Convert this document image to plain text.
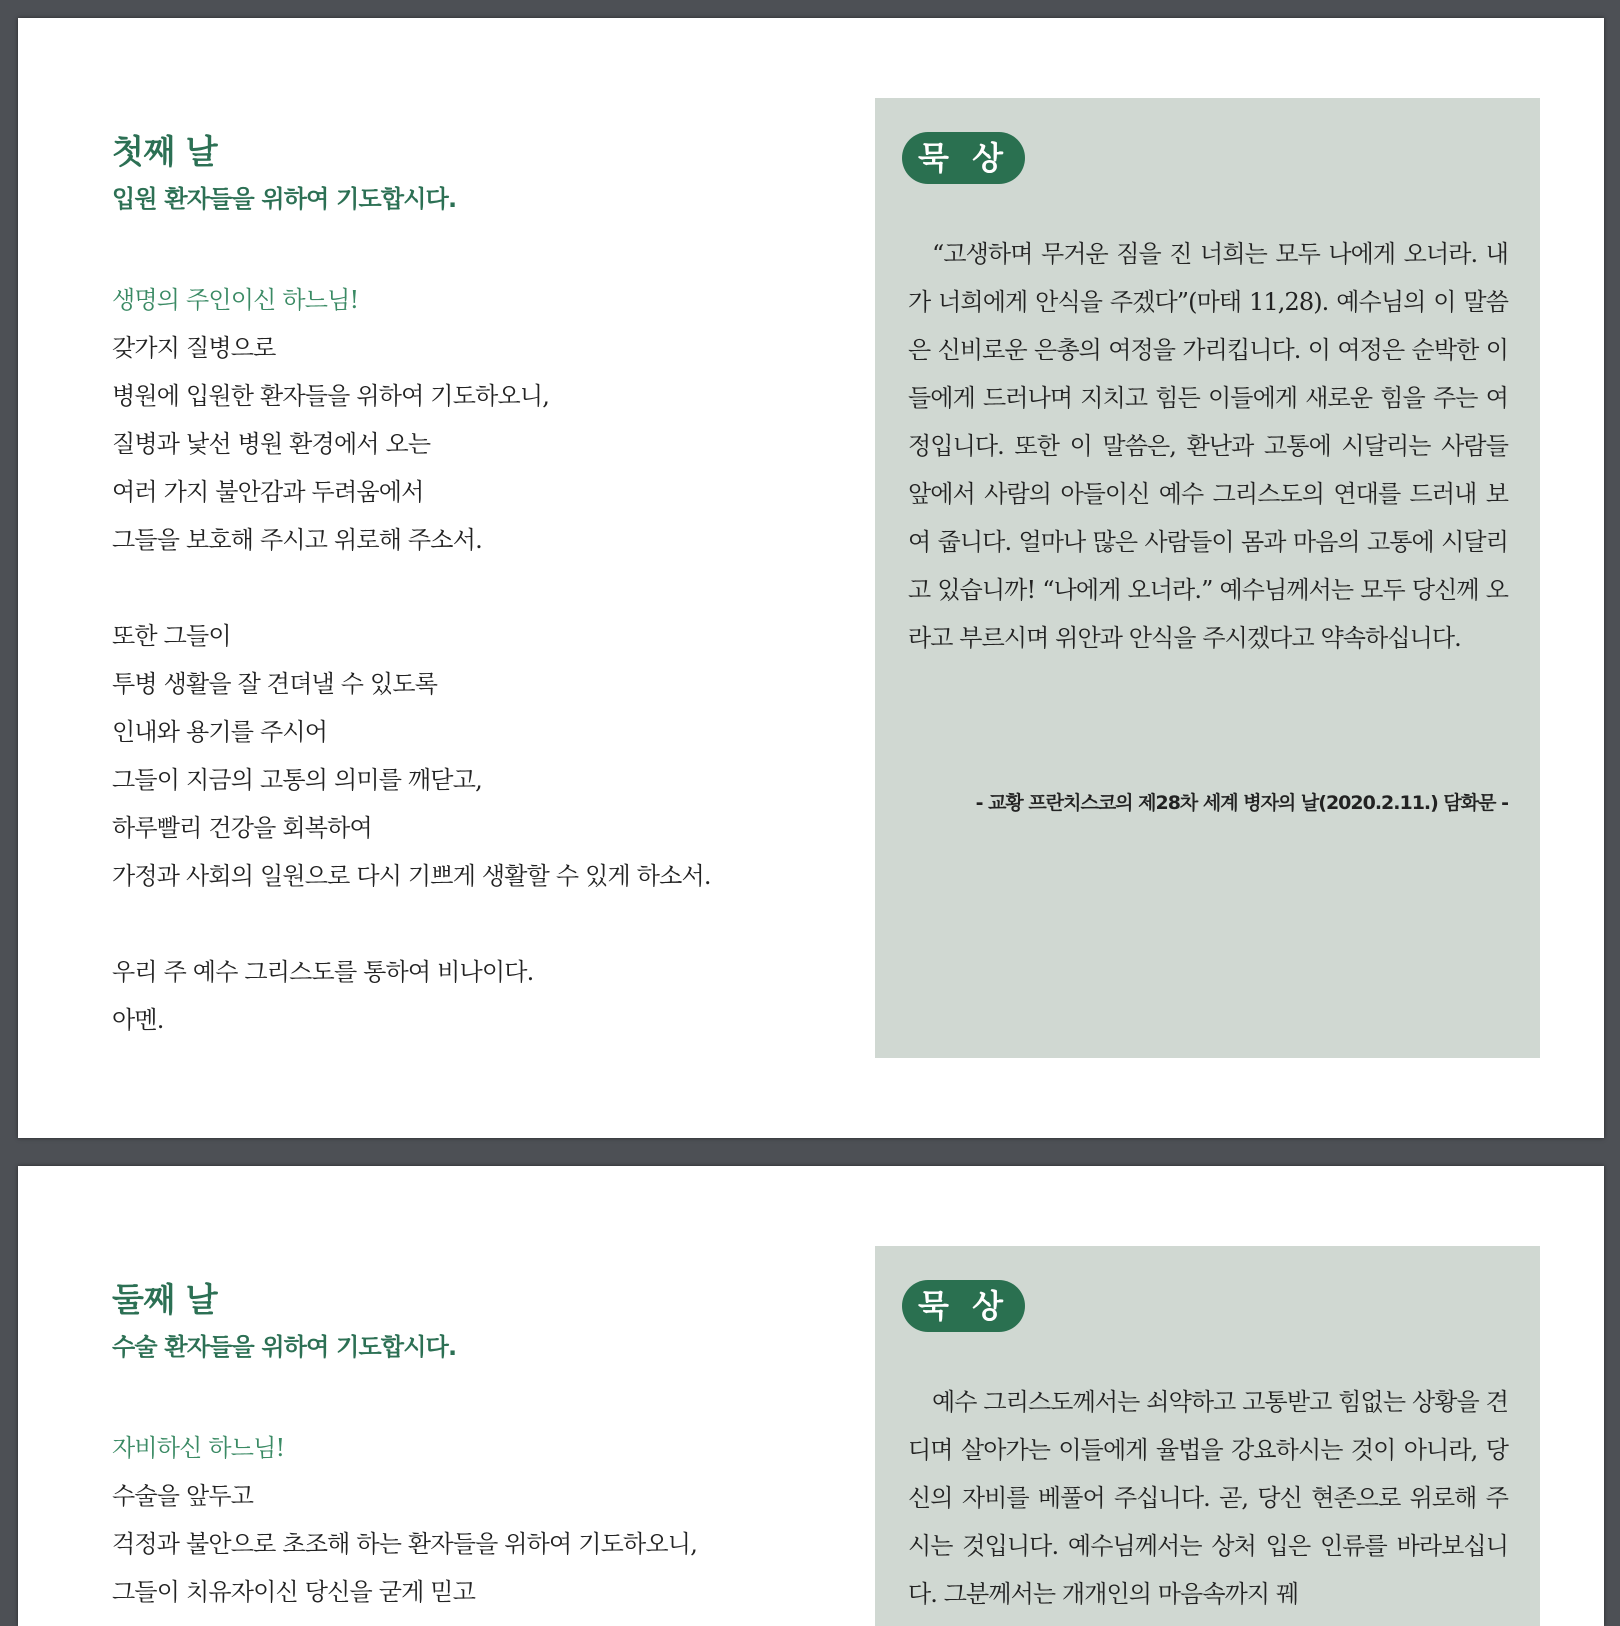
첫째 날
입원 환자들을 위하여 기도합시다.
생명의 주인이신 하느님!
갖가지 질병으로
병원에 입원한 환자들을 위하여 기도하오니,
질병과 낯선 병원 환경에서 오는
여러 가지 불안감과 두려움에서
그들을 보호해 주시고 위로해 주소서.
또한 그들이
투병 생활을 잘 견뎌낼 수 있도록
인내와 용기를 주시어
그들이 지금의 고통의 의미를 깨닫고,
하루빨리 건강을 회복하여
가정과 사회의 일원으로 다시 기쁘게 생활할 수 있게 하소서.
우리 주 예수 그리스도를 통하여 비나이다.
아멘.
묵 상

“고생하며 무거운 짐을 진 너희는 모두 나에게 오너라. 내가 너희에게 안식을 주겠다”(마태 11,28). 예수님의 이 말씀은 신비로운 은총의 여정을 가리킵니다. 이 여정은 순박한 이들에게 드러나며 지치고 힘든 이들에게 새로운 힘을 주는 여정입니다. 또한 이 말씀은, 환난과 고통에 시달리는 사람들 앞에서 사람의 아들이신 예수 그리스도의 연대를 드러내 보여 줍니다. 얼마나 많은 사람들이 몸과 마음의 고통에 시달리고 있습니까! “나에게 오너라.” 예수님께서는 모두 당신께 오라고 부르시며 위안과 안식을 주시겠다고 약속하십니다.

- 교황 프란치스코의 제28차 세계 병자의 날(2020.2.11.) 담화문 -
둘째 날
수술 환자들을 위하여 기도합시다.
자비하신 하느님!
수술을 앞두고
걱정과 불안으로 초조해 하는 환자들을 위하여 기도하오니,
그들이 치유자이신 당신을 굳게 믿고
묵 상

예수 그리스도께서는 쇠약하고 고통받고 힘없는 상황을 견디며 살아가는 이들에게 율법을 강요하시는 것이 아니라, 당신의 자비를 베풀어 주십니다. 곧, 당신 현존으로 위로해 주시는 것입니다. 예수님께서는 상처 입은 인류를 바라보십니다. 그분께서는 개개인의 마음속까지 꿰
